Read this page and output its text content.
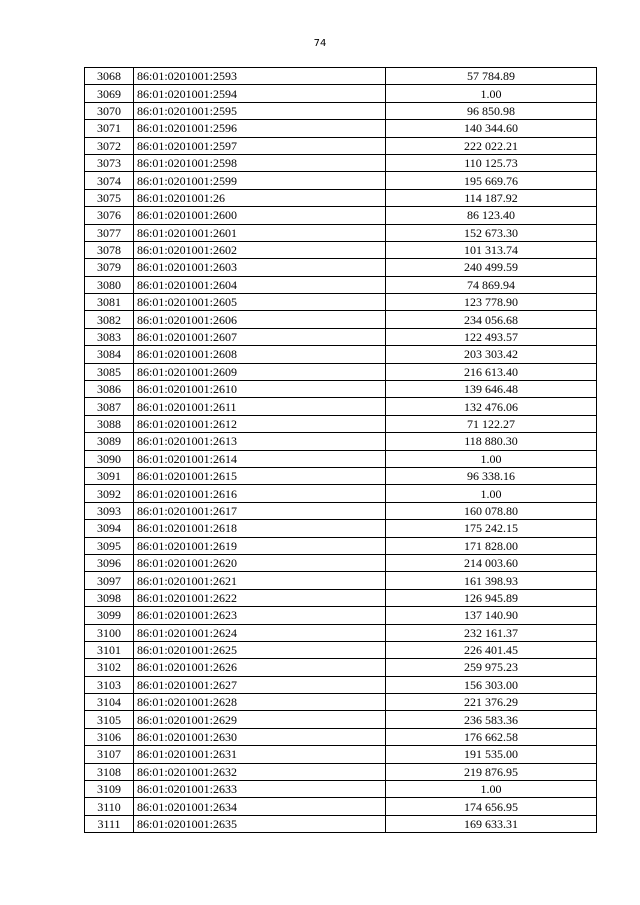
74
3068	86:01:0201001:2593	57 784.89
3069	86:01:0201001:2594	1.00
3070	86:01:0201001:2595	96 850.98
3071	86:01:0201001:2596	140 344.60
3072	86:01:0201001:2597	222 022.21
3073	86:01:0201001:2598	110 125.73
3074	86:01:0201001:2599	195 669.76
3075	86:01:0201001:26	114 187.92
3076	86:01:0201001:2600	86 123.40
3077	86:01:0201001:2601	152 673.30
3078	86:01:0201001:2602	101 313.74
3079	86:01:0201001:2603	240 499.59
3080	86:01:0201001:2604	74 869.94
3081	86:01:0201001:2605	123 778.90
3082	86:01:0201001:2606	234 056.68
3083	86:01:0201001:2607	122 493.57
3084	86:01:0201001:2608	203 303.42
3085	86:01:0201001:2609	216 613.40
3086	86:01:0201001:2610	139 646.48
3087	86:01:0201001:2611	132 476.06
3088	86:01:0201001:2612	71 122.27
3089	86:01:0201001:2613	118 880.30
3090	86:01:0201001:2614	1.00
3091	86:01:0201001:2615	96 338.16
3092	86:01:0201001:2616	1.00
3093	86:01:0201001:2617	160 078.80
3094	86:01:0201001:2618	175 242.15
3095	86:01:0201001:2619	171 828.00
3096	86:01:0201001:2620	214 003.60
3097	86:01:0201001:2621	161 398.93
3098	86:01:0201001:2622	126 945.89
3099	86:01:0201001:2623	137 140.90
3100	86:01:0201001:2624	232 161.37
3101	86:01:0201001:2625	226 401.45
3102	86:01:0201001:2626	259 975.23
3103	86:01:0201001:2627	156 303.00
3104	86:01:0201001:2628	221 376.29
3105	86:01:0201001:2629	236 583.36
3106	86:01:0201001:2630	176 662.58
3107	86:01:0201001:2631	191 535.00
3108	86:01:0201001:2632	219 876.95
3109	86:01:0201001:2633	1.00
3110	86:01:0201001:2634	174 656.95
3111	86:01:0201001:2635	169 633.31
